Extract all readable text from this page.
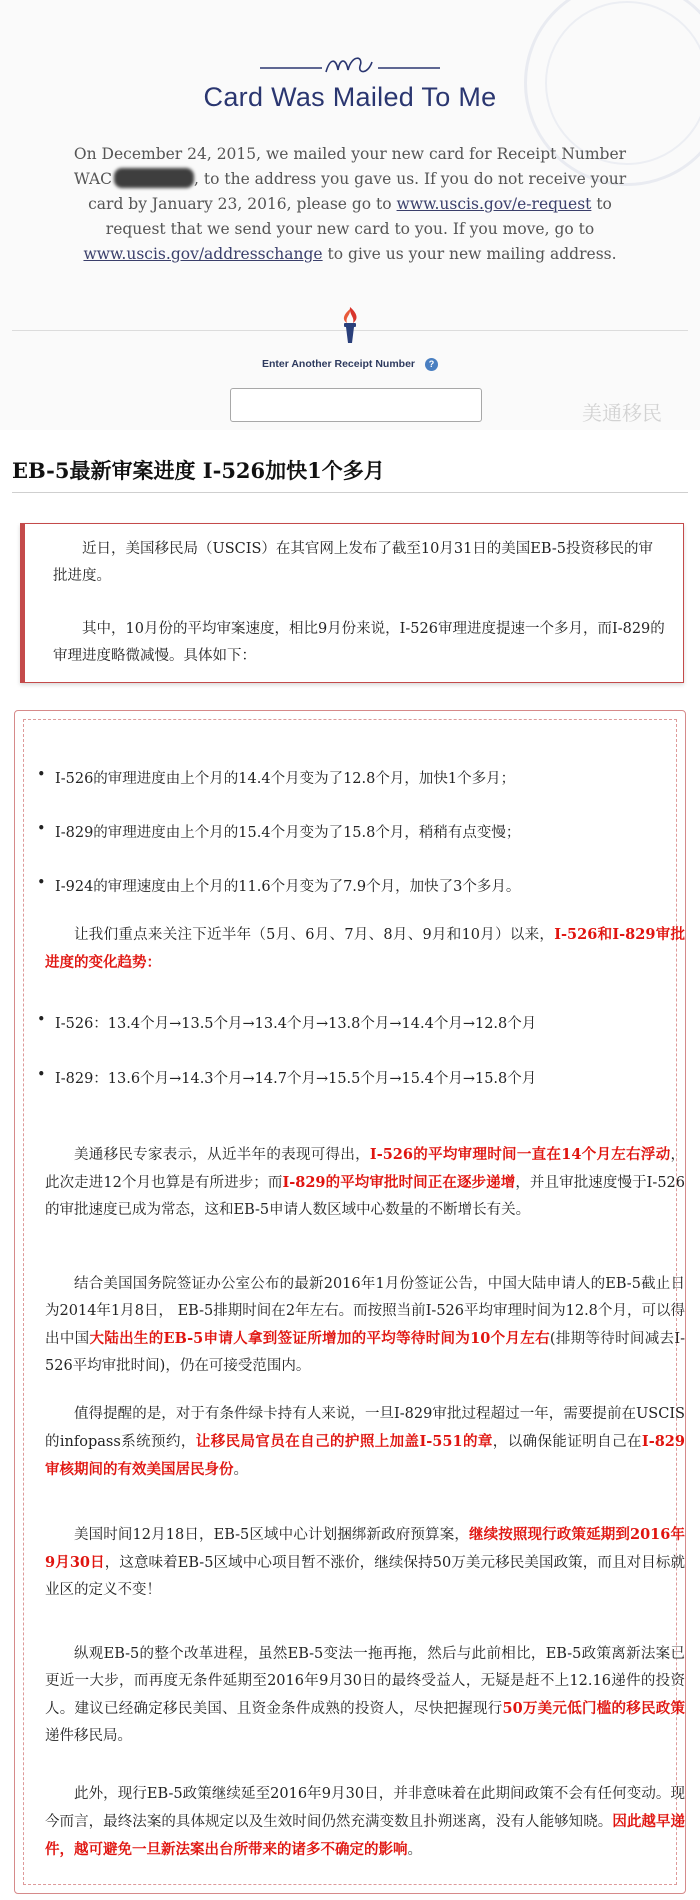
Card Was Mailed To Me
On December 24, 2015, we mailed your new card for Receipt Number WAC	, to the address you gave us. If you do not receive your card by January 23, 2016, please go to www.uscis.gov/e-request to request that we send your new card to you. If you move, go to www.uscis.gov/addresschange to give us your new mailing address.
Enter Another Receipt Number ?
美通移民
EB-5最新审案进度 I-526加快1个多月

近日，美国移民局（USCIS）在其官网上发布了截至10月31日的美国EB-5投资移民的审批进度。

其中，10月份的平均审案速度，相比9月份来说，I-526审理进度提速一个多月，而I-829的审理进度略微减慢。具体如下：

• I-526的审理进度由上个月的14.4个月变为了12.8个月，加快1个多月；
• I-829的审理进度由上个月的15.4个月变为了15.8个月，稍稍有点变慢；
• I-924的审理速度由上个月的11.6个月变为了7.9个月，加快了3个多月。
让我们重点来关注下近半年（5月、6月、7月、8月、9月和10月）以来，I-526和I-829审批进度的变化趋势：
• I-526：13.4个月→13.5个月→13.4个月→13.8个月→14.4个月→12.8个月
• I-829：13.6个月→14.3个月→14.7个月→15.5个月→15.4个月→15.8个月
美通移民专家表示，从近半年的表现可得出，I-526的平均审理时间一直在14个月左右浮动，此次走进12个月也算是有所进步；而I-829的平均审批时间正在逐步递增，并且审批速度慢于I-526的审批速度已成为常态，这和EB-5申请人数区域中心数量的不断增长有关。
结合美国国务院签证办公室公布的最新2016年1月份签证公告，中国大陆申请人的EB-5截止日为2014年1月8日， EB-5排期时间在2年左右。而按照当前I-526平均审理时间为12.8个月，可以得出中国大陆出生的EB-5申请人拿到签证所增加的平均等待时间为10个月左右(排期等待时间减去I-526平均审批时间)，仍在可接受范围内。
值得提醒的是，对于有条件绿卡持有人来说，一旦I-829审批过程超过一年，需要提前在USCIS的infopass系统预约，让移民局官员在自己的护照上加盖I-551的章，以确保能证明自己在I-829审核期间的有效美国居民身份。
美国时间12月18日，EB-5区域中心计划捆绑新政府预算案，继续按照现行政策延期到2016年9月30日，这意味着EB-5区域中心项目暂不涨价，继续保持50万美元移民美国政策，而且对目标就业区的定义不变！
纵观EB-5的整个改革进程，虽然EB-5变法一拖再拖，然后与此前相比，EB-5政策离新法案已更近一大步，而再度无条件延期至2016年9月30日的最终受益人，无疑是赶不上12.16递件的投资人。建议已经确定移民美国、且资金条件成熟的投资人，尽快把握现行50万美元低门槛的移民政策递件移民局。
此外，现行EB-5政策继续延至2016年9月30日，并非意味着在此期间政策不会有任何变动。现今而言，最终法案的具体规定以及生效时间仍然充满变数且扑朔迷离，没有人能够知晓。因此越早递件，越可避免一旦新法案出台所带来的诸多不确定的影响。
